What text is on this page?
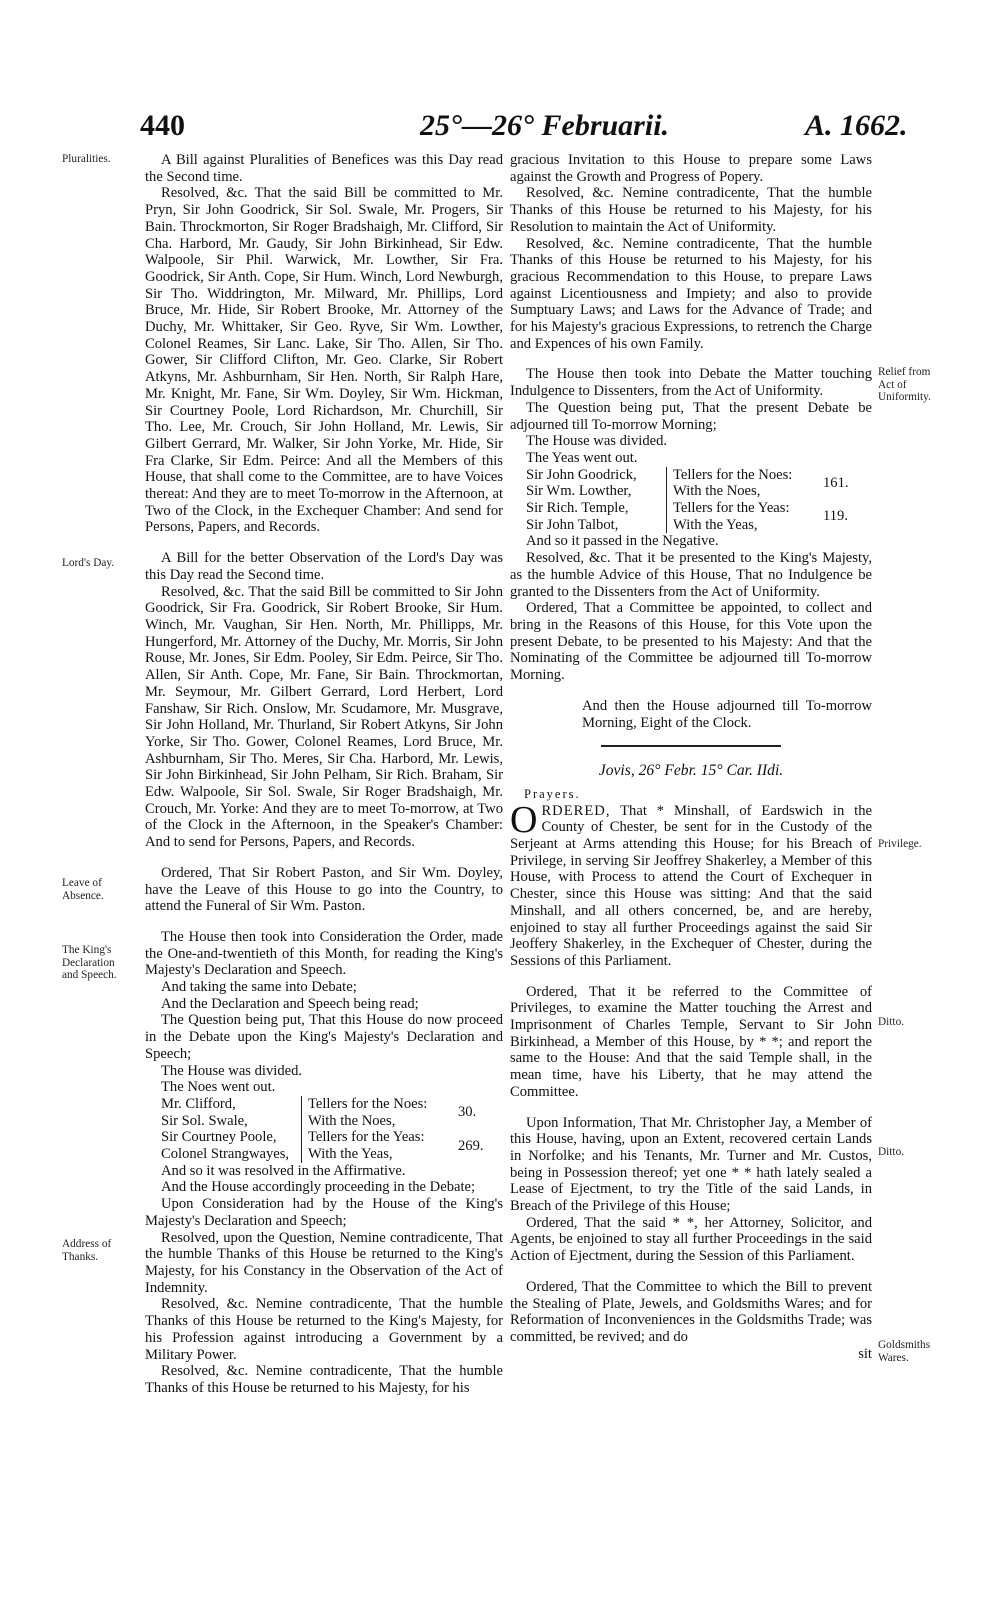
440	25°—26° Februarii.	A. 1662.
Pluralities.
Lord's Day.
Leave of Absence.
The King's Declaration and Speech.
Address of Thanks.
Relief from Act of Uniformity.
Privilege.
Ditto.
Ditto.
Goldsmiths Wares.

A Bill against Pluralities of Benefices was this Day read the Second time.

Resolved, &c. That the said Bill be committed to Mr. Pryn, Sir John Goodrick, Sir Sol. Swale, Mr. Progers, Sir Bain. Throckmorton, Sir Roger Bradshaigh, Mr. Clifford, Sir Cha. Harbord, Mr. Gaudy, Sir John Birkinhead, Sir Edw. Walpoole, Sir Phil. Warwick, Mr. Lowther, Sir Fra. Goodrick, Sir Anth. Cope, Sir Hum. Winch, Lord Newburgh, Sir Tho. Widdrington, Mr. Milward, Mr. Phillips, Lord Bruce, Mr. Hide, Sir Robert Brooke, Mr. Attorney of the Duchy, Mr. Whittaker, Sir Geo. Ryve, Sir Wm. Lowther, Colonel Reames, Sir Lanc. Lake, Sir Tho. Allen, Sir Tho. Gower, Sir Clifford Clifton, Mr. Geo. Clarke, Sir Robert Atkyns, Mr. Ashburnham, Sir Hen. North, Sir Ralph Hare, Mr. Knight, Mr. Fane, Sir Wm. Doyley, Sir Wm. Hickman, Sir Courtney Poole, Lord Richardson, Mr. Churchill, Sir Tho. Lee, Mr. Crouch, Sir John Holland, Mr. Lewis, Sir Gilbert Gerrard, Mr. Walker, Sir John Yorke, Mr. Hide, Sir Fra Clarke, Sir Edm. Peirce: And all the Members of this House, that shall come to the Committee, are to have Voices thereat: And they are to meet To-morrow in the Afternoon, at Two of the Clock, in the Exchequer Chamber: And send for Persons, Papers, and Records.

A Bill for the better Observation of the Lord's Day was this Day read the Second time.

Resolved, &c. That the said Bill be committed to Sir John Goodrick, Sir Fra. Goodrick, Sir Robert Brooke, Sir Hum. Winch, Mr. Vaughan, Sir Hen. North, Mr. Phillipps, Mr. Hungerford, Mr. Attorney of the Duchy, Mr. Morris, Sir John Rouse, Mr. Jones, Sir Edm. Pooley, Sir Edm. Peirce, Sir Tho. Allen, Sir Anth. Cope, Mr. Fane, Sir Bain. Throckmortan, Mr. Seymour, Mr. Gilbert Gerrard, Lord Herbert, Lord Fanshaw, Sir Rich. Onslow, Mr. Scudamore, Mr. Musgrave, Sir John Holland, Mr. Thurland, Sir Robert Atkyns, Sir John Yorke, Sir Tho. Gower, Colonel Reames, Lord Bruce, Mr. Ashburnham, Sir Tho. Meres, Sir Cha. Harbord, Mr. Lewis, Sir John Birkinhead, Sir John Pelham, Sir Rich. Braham, Sir Edw. Walpoole, Sir Sol. Swale, Sir Roger Bradshaigh, Mr. Crouch, Mr. Yorke: And they are to meet To-morrow, at Two of the Clock in the Afternoon, in the Speaker's Chamber: And to send for Persons, Papers, and Records.

Ordered, That Sir Robert Paston, and Sir Wm. Doyley, have the Leave of this House to go into the Country, to attend the Funeral of Sir Wm. Paston.

The House then took into Consideration the Order, made the One-and-twentieth of this Month, for reading the King's Majesty's Declaration and Speech.

And taking the same into Debate;

And the Declaration and Speech being read;

The Question being put, That this House do now proceed in the Debate upon the King's Majesty's Declaration and Speech;

The House was divided.

The Noes went out.

Mr. Clifford,	Tellers for the Noes:	30.
Sir Sol. Swale,	With the Noes,	
Sir Courtney Poole,	Tellers for the Yeas:	269.
Colonel Strangwayes,	With the Yeas,	

And so it was resolved in the Affirmative.

And the House accordingly proceeding in the Debate;

Upon Consideration had by the House of the King's Majesty's Declaration and Speech;

Resolved, upon the Question, Nemine contradicente, That the humble Thanks of this House be returned to the King's Majesty, for his Constancy in the Observation of the Act of Indemnity.

Resolved, &c. Nemine contradicente, That the humble Thanks of this House be returned to the King's Majesty, for his Profession against introducing a Government by a Military Power.

Resolved, &c. Nemine contradicente, That the humble Thanks of this House be returned to his Majesty, for his

gracious Invitation to this House to prepare some Laws against the Growth and Progress of Popery.

Resolved, &c. Nemine contradicente, That the humble Thanks of this House be returned to his Majesty, for his Resolution to maintain the Act of Uniformity.

Resolved, &c. Nemine contradicente, That the humble Thanks of this House be returned to his Majesty, for his gracious Recommendation to this House, to prepare Laws against Licentiousness and Impiety; and also to provide Sumptuary Laws; and Laws for the Advance of Trade; and for his Majesty's gracious Expressions, to retrench the Charge and Expences of his own Family.

The House then took into Debate the Matter touching Indulgence to Dissenters, from the Act of Uniformity.

The Question being put, That the present Debate be adjourned till To-morrow Morning;

The House was divided.

The Yeas went out.

Sir John Goodrick,	Tellers for the Noes:	161.
Sir Wm. Lowther,	With the Noes,	
Sir Rich. Temple,	Tellers for the Yeas:	119.
Sir John Talbot,	With the Yeas,	

And so it passed in the Negative.

Resolved, &c. That it be presented to the King's Majesty, as the humble Advice of this House, That no Indulgence be granted to the Dissenters from the Act of Uniformity.

Ordered, That a Committee be appointed, to collect and bring in the Reasons of this House, for this Vote upon the present Debate, to be presented to his Majesty: And that the Nominating of the Committee be adjourned till To-morrow Morning.

And then the House adjourned till To-morrow Morning, Eight of the Clock.

Jovis, 26° Febr. 15° Car. IIdi.
Prayers.

O RDERED, That * Minshall, of Eardswich in the County of Chester, be sent for in the Custody of the Serjeant at Arms attending this House; for his Breach of Privilege, in serving Sir Jeoffrey Shakerley, a Member of this House, with Process to attend the Court of Exchequer in Chester, since this House was sitting: And that the said Minshall, and all others concerned, be, and are hereby, enjoined to stay all further Proceedings against the said Sir Jeoffery Shakerley, in the Exchequer of Chester, during the Sessions of this Parliament.

Ordered, That it be referred to the Committee of Privileges, to examine the Matter touching the Arrest and Imprisonment of Charles Temple, Servant to Sir John Birkinhead, a Member of this House, by * *; and report the same to the House: And that the said Temple shall, in the mean time, have his Liberty, that he may attend the Committee.

Upon Information, That Mr. Christopher Jay, a Member of this House, having, upon an Extent, recovered certain Lands in Norfolke; and his Tenants, Mr. Turner and Mr. Custos, being in Possession thereof; yet one * * hath lately sealed a Lease of Ejectment, to try the Title of the said Lands, in Breach of the Privilege of this House;

Ordered, That the said * *, her Attorney, Solicitor, and Agents, be enjoined to stay all further Proceedings in the said Action of Ejectment, during the Session of this Parliament.

Ordered, That the Committee to which the Bill to prevent the Stealing of Plate, Jewels, and Goldsmiths Wares; and for Reformation of Inconveniences in the Goldsmiths Trade; was committed, be revived; and do

sit
